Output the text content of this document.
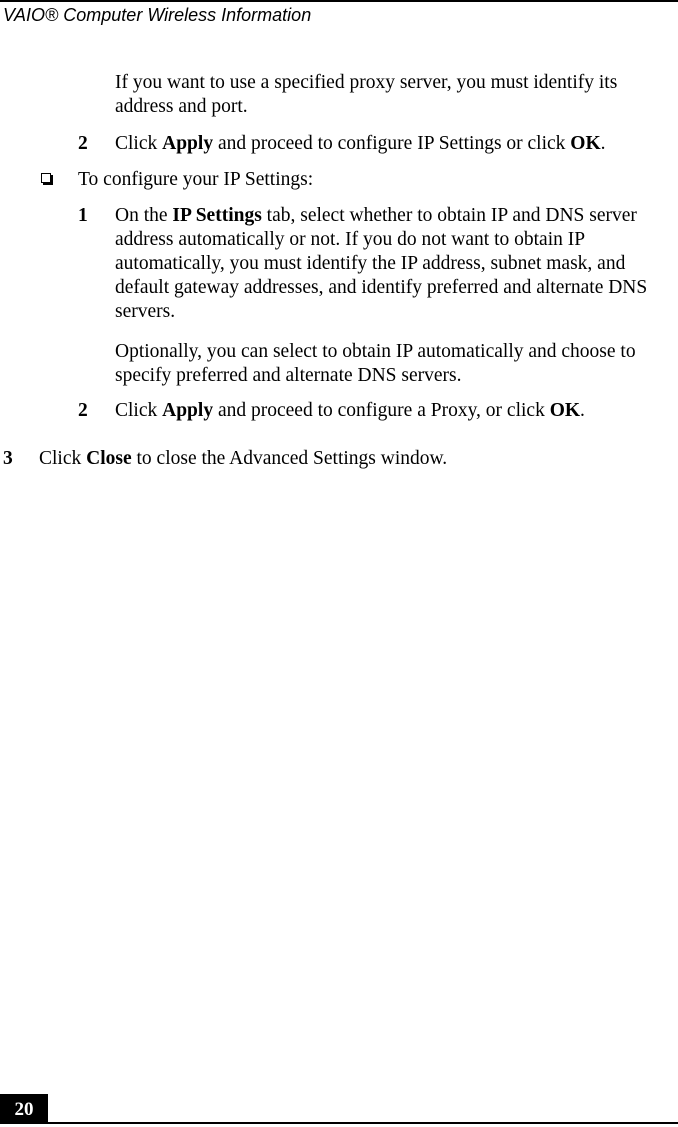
VAIO® Computer Wireless Information

If you want to use a specified proxy server, you must identify its address and port.

2 Click Apply and proceed to configure IP Settings or click OK.

To configure your IP Settings:

1 On the IP Settings tab, select whether to obtain IP and DNS server address automatically or not. If you do not want to obtain IP automatically, you must identify the IP address, subnet mask, and default gateway addresses, and identify preferred and alternate DNS servers.

Optionally, you can select to obtain IP automatically and choose to specify preferred and alternate DNS servers.

2 Click Apply and proceed to configure a Proxy, or click OK.

3 Click Close to close the Advanced Settings window.

20
